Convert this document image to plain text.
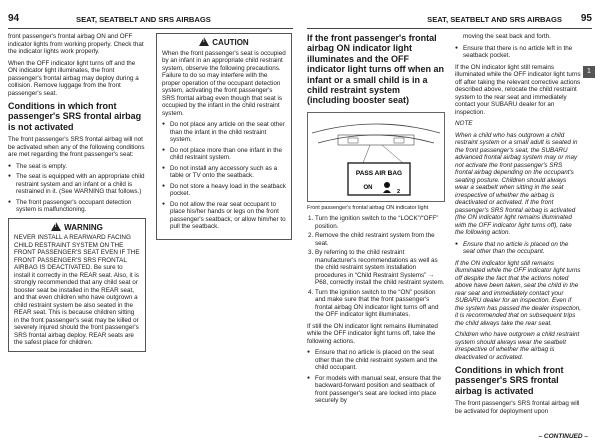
94	SEAT, SEATBELT AND SRS AIRBAGS	SEAT, SEATBELT AND SRS AIRBAGS 95
1

front passenger's frontal airbag ON and OFF indicator lights from working properly. Check that the indicator lights work properly.

When the OFF indicator light turns off and the ON indicator light illuminates, the front passenger's frontal airbag may deploy during a collision. Remove luggage from the front passenger's seat.

Conditions in which front passenger's SRS frontal airbag is not activated

The front passenger's SRS frontal airbag will not be activated when any of the following conditions are met regarding the front passenger's seat:

● The seat is empty.
● The seat is equipped with an appropriate child restraint system and an infant or a child is restrained in it. (See WARNING that follows.)
● The front passenger's occupant detection system is malfunctioning.
!WARNING
NEVER INSTALL A REARWARD FACING CHILD RESTRAINT SYSTEM ON THE FRONT PASSENGER'S SEAT EVEN IF THE FRONT PASSENGER'S SRS FRONTAL AIRBAG IS DEACTIVATED. Be sure to install it correctly in the REAR seat. Also, it is strongly recommended that any child seat or booster seat be installed in the REAR seat, and that even children who have outgrown a child restraint system be also seated in the REAR seat. This is because children sitting in the front passenger's seat may be killed or severely injured should the front passenger's SRS frontal airbag deploy. REAR seats are the safest place for children.
!CAUTION

When the front passenger's seat is occupied by an infant in an appropriate child restraint system, observe the following precautions. Failure to do so may interfere with the proper operation of the occupant detection system, activating the front passenger's SRS frontal airbag even though that seat is occupied by the infant in the child restraint system.

● Do not place any article on the seat other than the infant in the child restraint system.
● Do not place more than one infant in the child restraint system.
● Do not install any accessory such as a table or TV onto the seatback.
● Do not store a heavy load in the seatback pocket.
● Do not allow the rear seat occupant to place his/her hands or legs on the front passenger's seatback, or allow him/her to pull the seatback.
If the front passenger's frontal airbag ON indicator light illuminates and the OFF indicator light turns off when an infant or a small child is in a child restraint system (including booster seat)
PASS AIR BAG
ON
2
Front passenger's frontal airbag ON indicator light
1. Turn the ignition switch to the “LOCK”/“OFF” position.
2. Remove the child restraint system from the seat.
3. By referring to the child restraint manufacturer's recommendations as well as the child restraint system installation procedures in “Child Restraint Systems” → P68, correctly install the child restraint system.
4. Turn the ignition switch to the “ON” position and make sure that the front passenger's frontal airbag ON indicator light turns off and the OFF indicator light illuminates.

If still the ON indicator light remains illuminated while the OFF indicator light turns off, take the following actions.

● Ensure that no article is placed on the seat other than the child restraint system and the child occupant.
● For models with manual seat, ensure that the backward-forward position and seatback of front passenger's seat are locked into place securely by

moving the seat back and forth.

● Ensure that there is no article left in the seatback pocket.

If the ON indicator light still remains illuminated while the OFF indicator light turns off after taking the relevant corrective actions described above, relocate the child restraint system to the rear seat and immediately contact your SUBARU dealer for an inspection.

NOTE

When a child who has outgrown a child restraint system or a small adult is seated in the front passenger's seat, the SUBARU advanced frontal airbag system may or may not activate the front passenger's SRS frontal airbag depending on the occupant's seating posture. Children should always wear a seatbelt when sitting in the seat irrespective of whether the airbag is deactivated or activated. If the front passenger's SRS frontal airbag is activated (the ON indicator light remains illuminated with the OFF indicator light turns off), take the following action.

● Ensure that no article is placed on the seat other than the occupant.

If the ON indicator light still remains illuminated while the OFF indicator light turns off despite the fact that the actions noted above have been taken, seat the child in the rear seat and immediately contact your SUBARU dealer for an inspection. Even if the system has passed the dealer inspection, it is recommended that on subsequent trips the child always take the rear seat.

Children who have outgrown a child restraint system should always wear the seatbelt irrespective of whether the airbag is deactivated or activated.

Conditions in which front passenger's SRS frontal airbag is activated

The front passenger's SRS frontal airbag will be activated for deployment upon

– CONTINUED –
